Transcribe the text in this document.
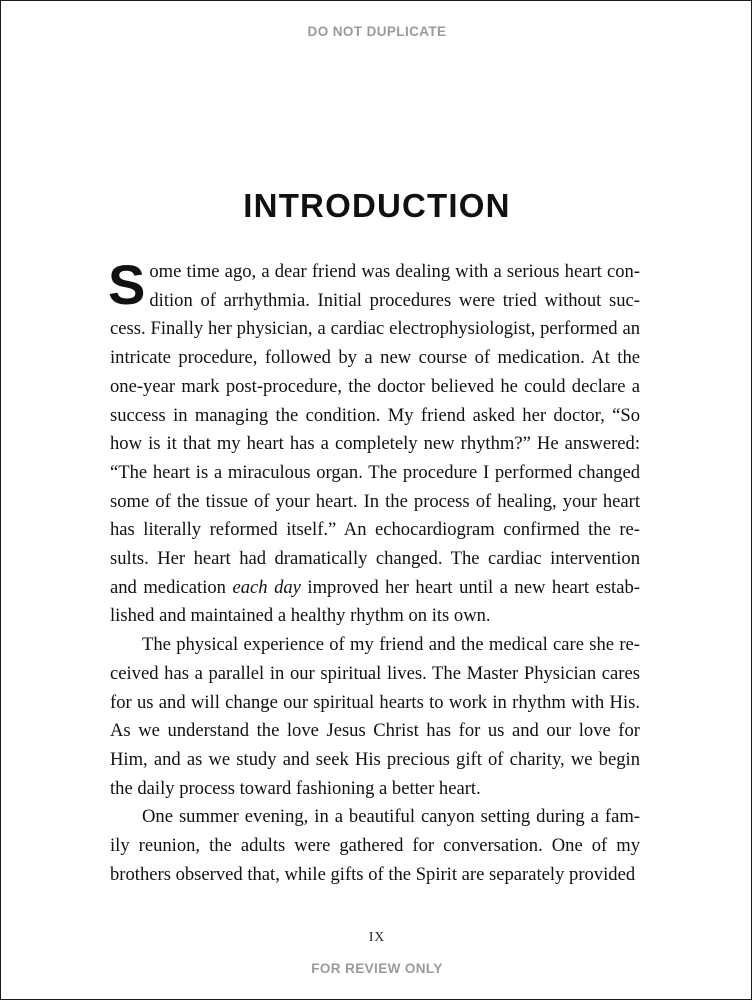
DO NOT DUPLICATE
INTRODUCTION

Some time ago, a dear friend was dealing with a serious heart condition of arrhythmia. Initial procedures were tried without success. Finally her physician, a cardiac electrophysiologist, performed an intricate procedure, followed by a new course of medication. At the one-year mark post-procedure, the doctor believed he could declare a success in managing the condition. My friend asked her doctor, “So how is it that my heart has a completely new rhythm?” He answered: “The heart is a miraculous organ. The procedure I performed changed some of the tissue of your heart. In the process of healing, your heart has literally reformed itself.” An echocardiogram confirmed the results. Her heart had dramatically changed. The cardiac intervention and medication each day improved her heart until a new heart established and maintained a healthy rhythm on its own.

The physical experience of my friend and the medical care she received has a parallel in our spiritual lives. The Master Physician cares for us and will change our spiritual hearts to work in rhythm with His. As we understand the love Jesus Christ has for us and our love for Him, and as we study and seek His precious gift of charity, we begin the daily process toward fashioning a better heart.

One summer evening, in a beautiful canyon setting during a family reunion, the adults were gathered for conversation. One of my brothers observed that, while gifts of the Spirit are separately provided

IX
FOR REVIEW ONLY
